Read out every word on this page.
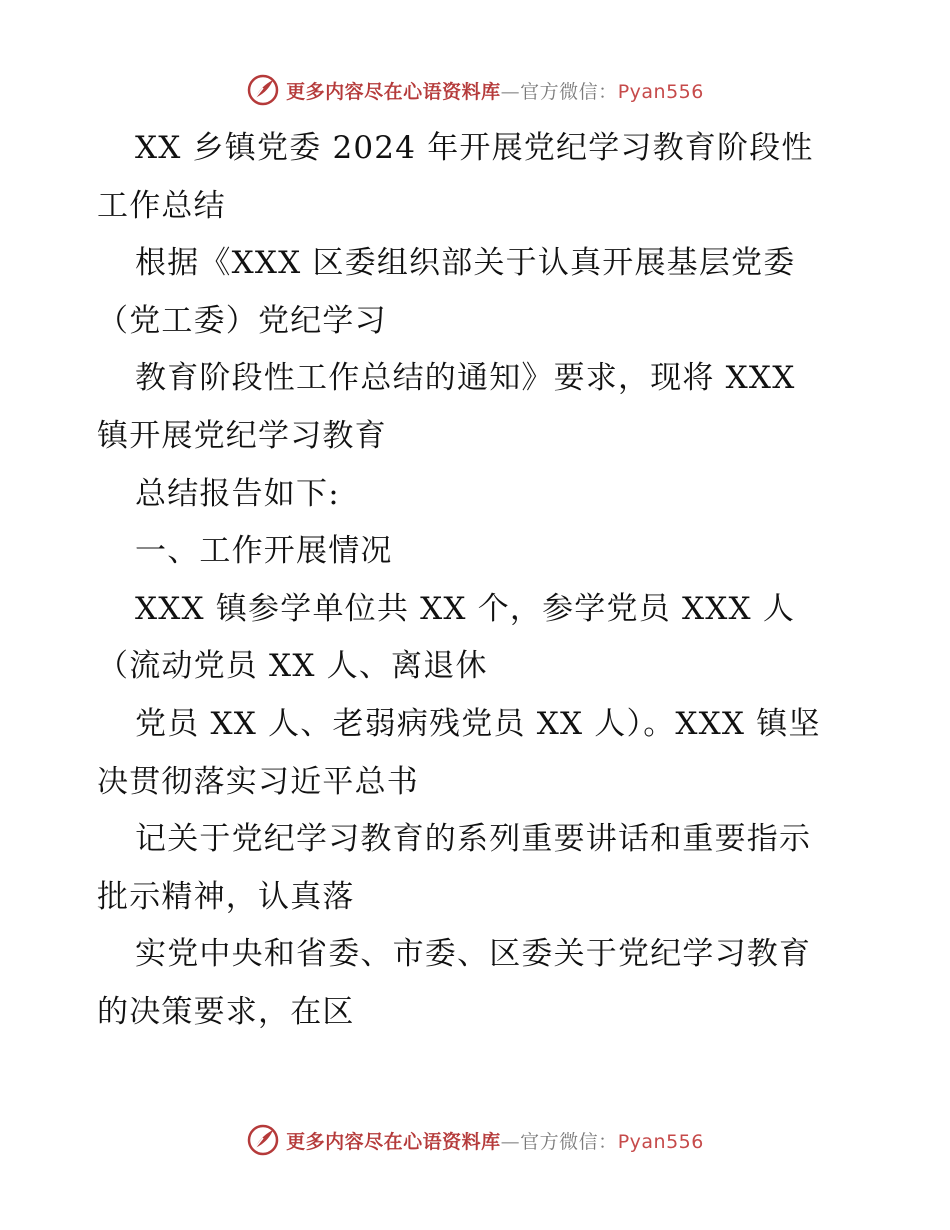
更多内容尽在心语资料库—官方微信：Pyan556
XX 乡镇党委 2024 年开展党纪学习教育阶段性
工作总结
根据《XXX 区委组织部关于认真开展基层党委
（党工委）党纪学习
教育阶段性工作总结的通知》要求，现将 XXX
镇开展党纪学习教育
总结报告如下:
一、工作开展情况
XXX 镇参学单位共 XX 个，参学党员 XXX 人
（流动党员 XX 人、离退休
党员 XX 人、老弱病残党员 XX 人）。XXX 镇坚
决贯彻落实习近平总书
记关于党纪学习教育的系列重要讲话和重要指示
批示精神，认真落
实党中央和省委、市委、区委关于党纪学习教育
的决策要求，在区
更多内容尽在心语资料库—官方微信：Pyan556
